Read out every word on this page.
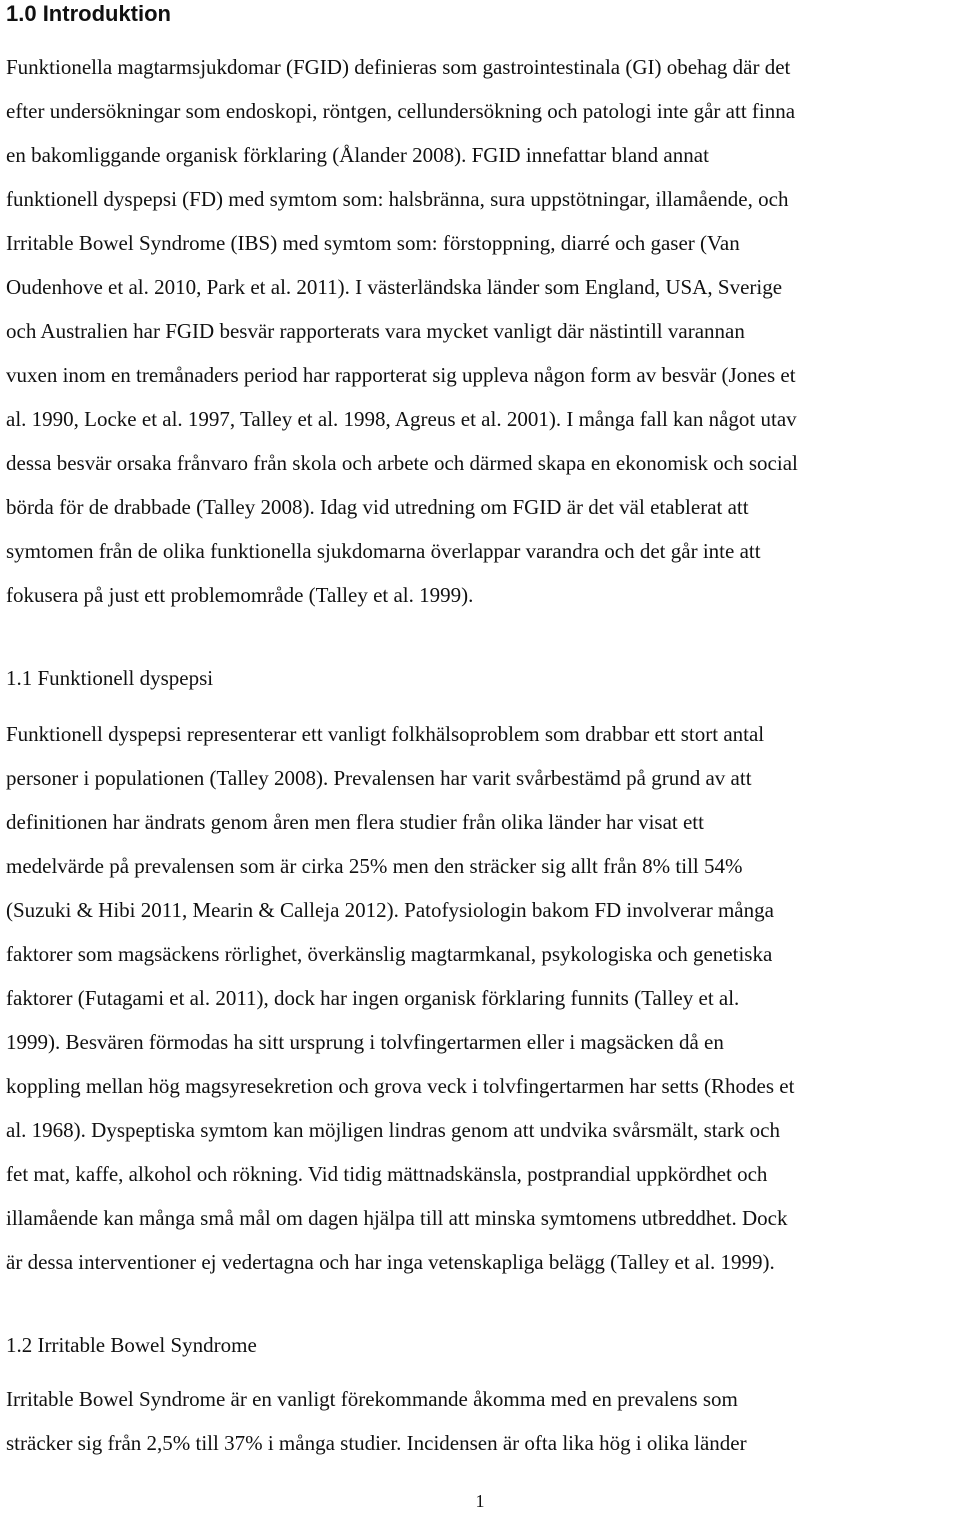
1.0 Introduktion
Funktionella magtarmsjukdomar (FGID) definieras som gastrointestinala (GI) obehag där det
efter undersökningar som endoskopi, röntgen, cellundersökning och patologi inte går att finna
en bakomliggande organisk förklaring (Ålander 2008). FGID innefattar bland annat
funktionell dyspepsi (FD) med symtom som: halsbränna, sura uppstötningar, illamående, och
Irritable Bowel Syndrome (IBS) med symtom som: förstoppning, diarré och gaser (Van
Oudenhove et al. 2010, Park et al. 2011). I västerländska länder som England, USA, Sverige
och Australien har FGID besvär rapporterats vara mycket vanligt där nästintill varannan
vuxen inom en tremånaders period har rapporterat sig uppleva någon form av besvär (Jones et
al. 1990, Locke et al. 1997, Talley et al. 1998, Agreus et al. 2001). I många fall kan något utav
dessa besvär orsaka frånvaro från skola och arbete och därmed skapa en ekonomisk och social
börda för de drabbade (Talley 2008). Idag vid utredning om FGID är det väl etablerat att
symtomen från de olika funktionella sjukdomarna överlappar varandra och det går inte att
fokusera på just ett problemområde (Talley et al. 1999).
1.1 Funktionell dyspepsi
Funktionell dyspepsi representerar ett vanligt folkhälsoproblem som drabbar ett stort antal
personer i populationen (Talley 2008). Prevalensen har varit svårbestämd på grund av att
definitionen har ändrats genom åren men flera studier från olika länder har visat ett
medelvärde på prevalensen som är cirka 25% men den sträcker sig allt från 8% till 54%
(Suzuki & Hibi 2011, Mearin & Calleja 2012). Patofysiologin bakom FD involverar många
faktorer som magsäckens rörlighet, överkänslig magtarmkanal, psykologiska och genetiska
faktorer (Futagami et al. 2011), dock har ingen organisk förklaring funnits (Talley et al.
1999). Besvären förmodas ha sitt ursprung i tolvfingertarmen eller i magsäcken då en
koppling mellan hög magsyresekretion och grova veck i tolvfingertarmen har setts (Rhodes et
al. 1968). Dyspeptiska symtom kan möjligen lindras genom att undvika svårsmält, stark och
fet mat, kaffe, alkohol och rökning. Vid tidig mättnadskänsla, postprandial uppkördhet och
illamående kan många små mål om dagen hjälpa till att minska symtomens utbreddhet. Dock
är dessa interventioner ej vedertagna och har inga vetenskapliga belägg (Talley et al. 1999).
1.2 Irritable Bowel Syndrome
Irritable Bowel Syndrome är en vanligt förekommande åkomma med en prevalens som
sträcker sig från 2,5% till 37% i många studier. Incidensen är ofta lika hög i olika länder
1
